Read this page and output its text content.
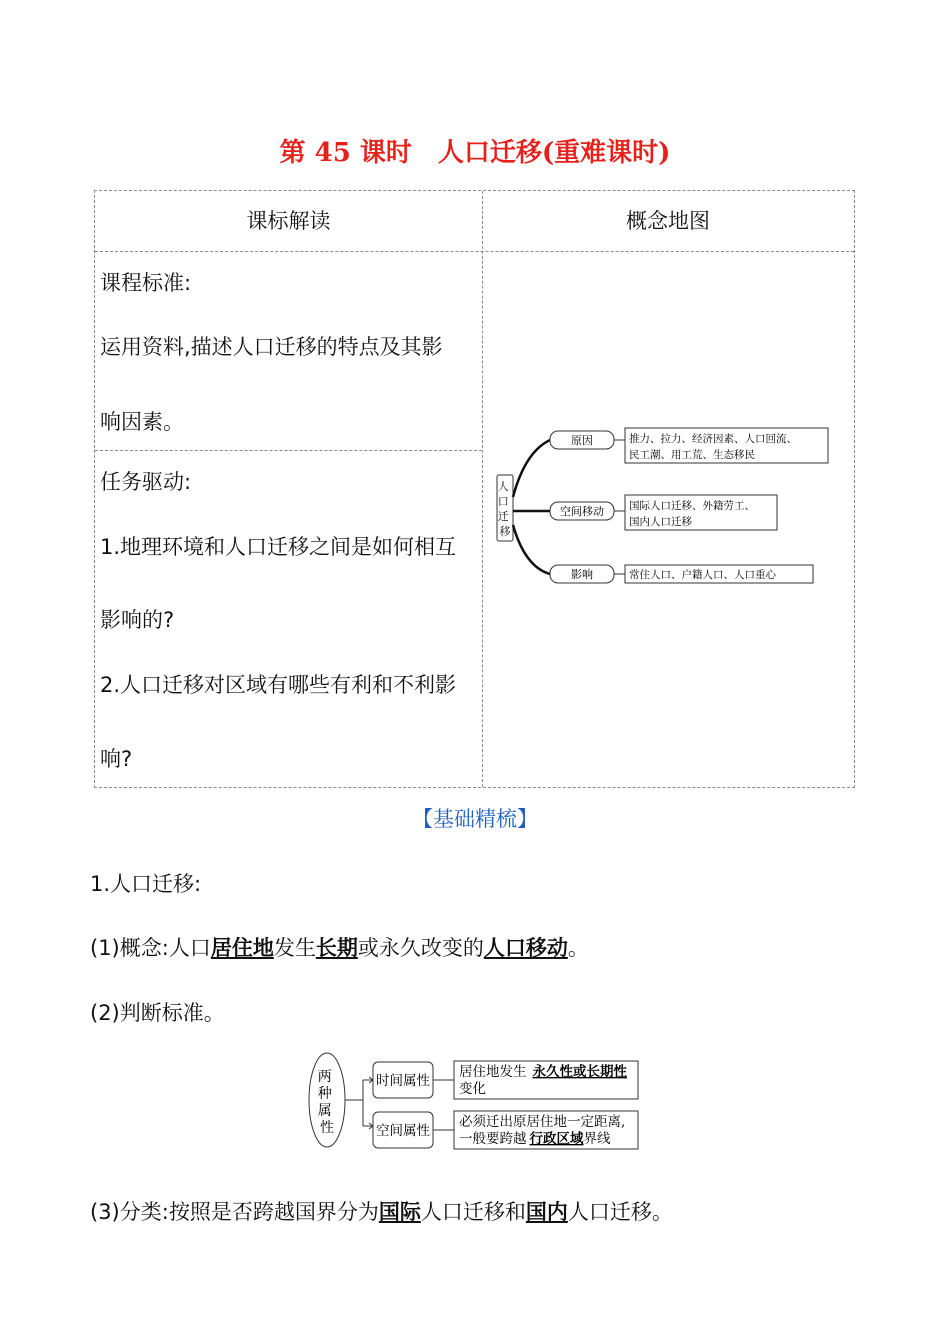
第 45 课时　人口迁移(重难课时)
课标解读	概念地图
课程标准:
运用资料,描述人口迁移的特点及其影
响因素。
任务驱动:
1.地理环境和人口迁移之间是如何相互
影响的?
2.人口迁移对区域有哪些有利和不利影
响?
人 口 迁 移
原因	推力、拉力、经济因素、人口回流、
民工潮、用工荒、生态移民
空间移动 国际人口迁移、外籍劳工、
国内人口迁移
影响	常住人口、户籍人口、人口重心
【基础精梳】
1.人口迁移:
(1)概念:人口居住地发生长期或永久改变的人口移动。
(2)判断标准。
两 种 属 性
时间属性
居住地发生 永久性或长期性
变化
空间属性
必须迁出原居住地一定距离,
一般要跨越 行政区域界线
(3)分类:按照是否跨越国界分为国际人口迁移和国内人口迁移。
